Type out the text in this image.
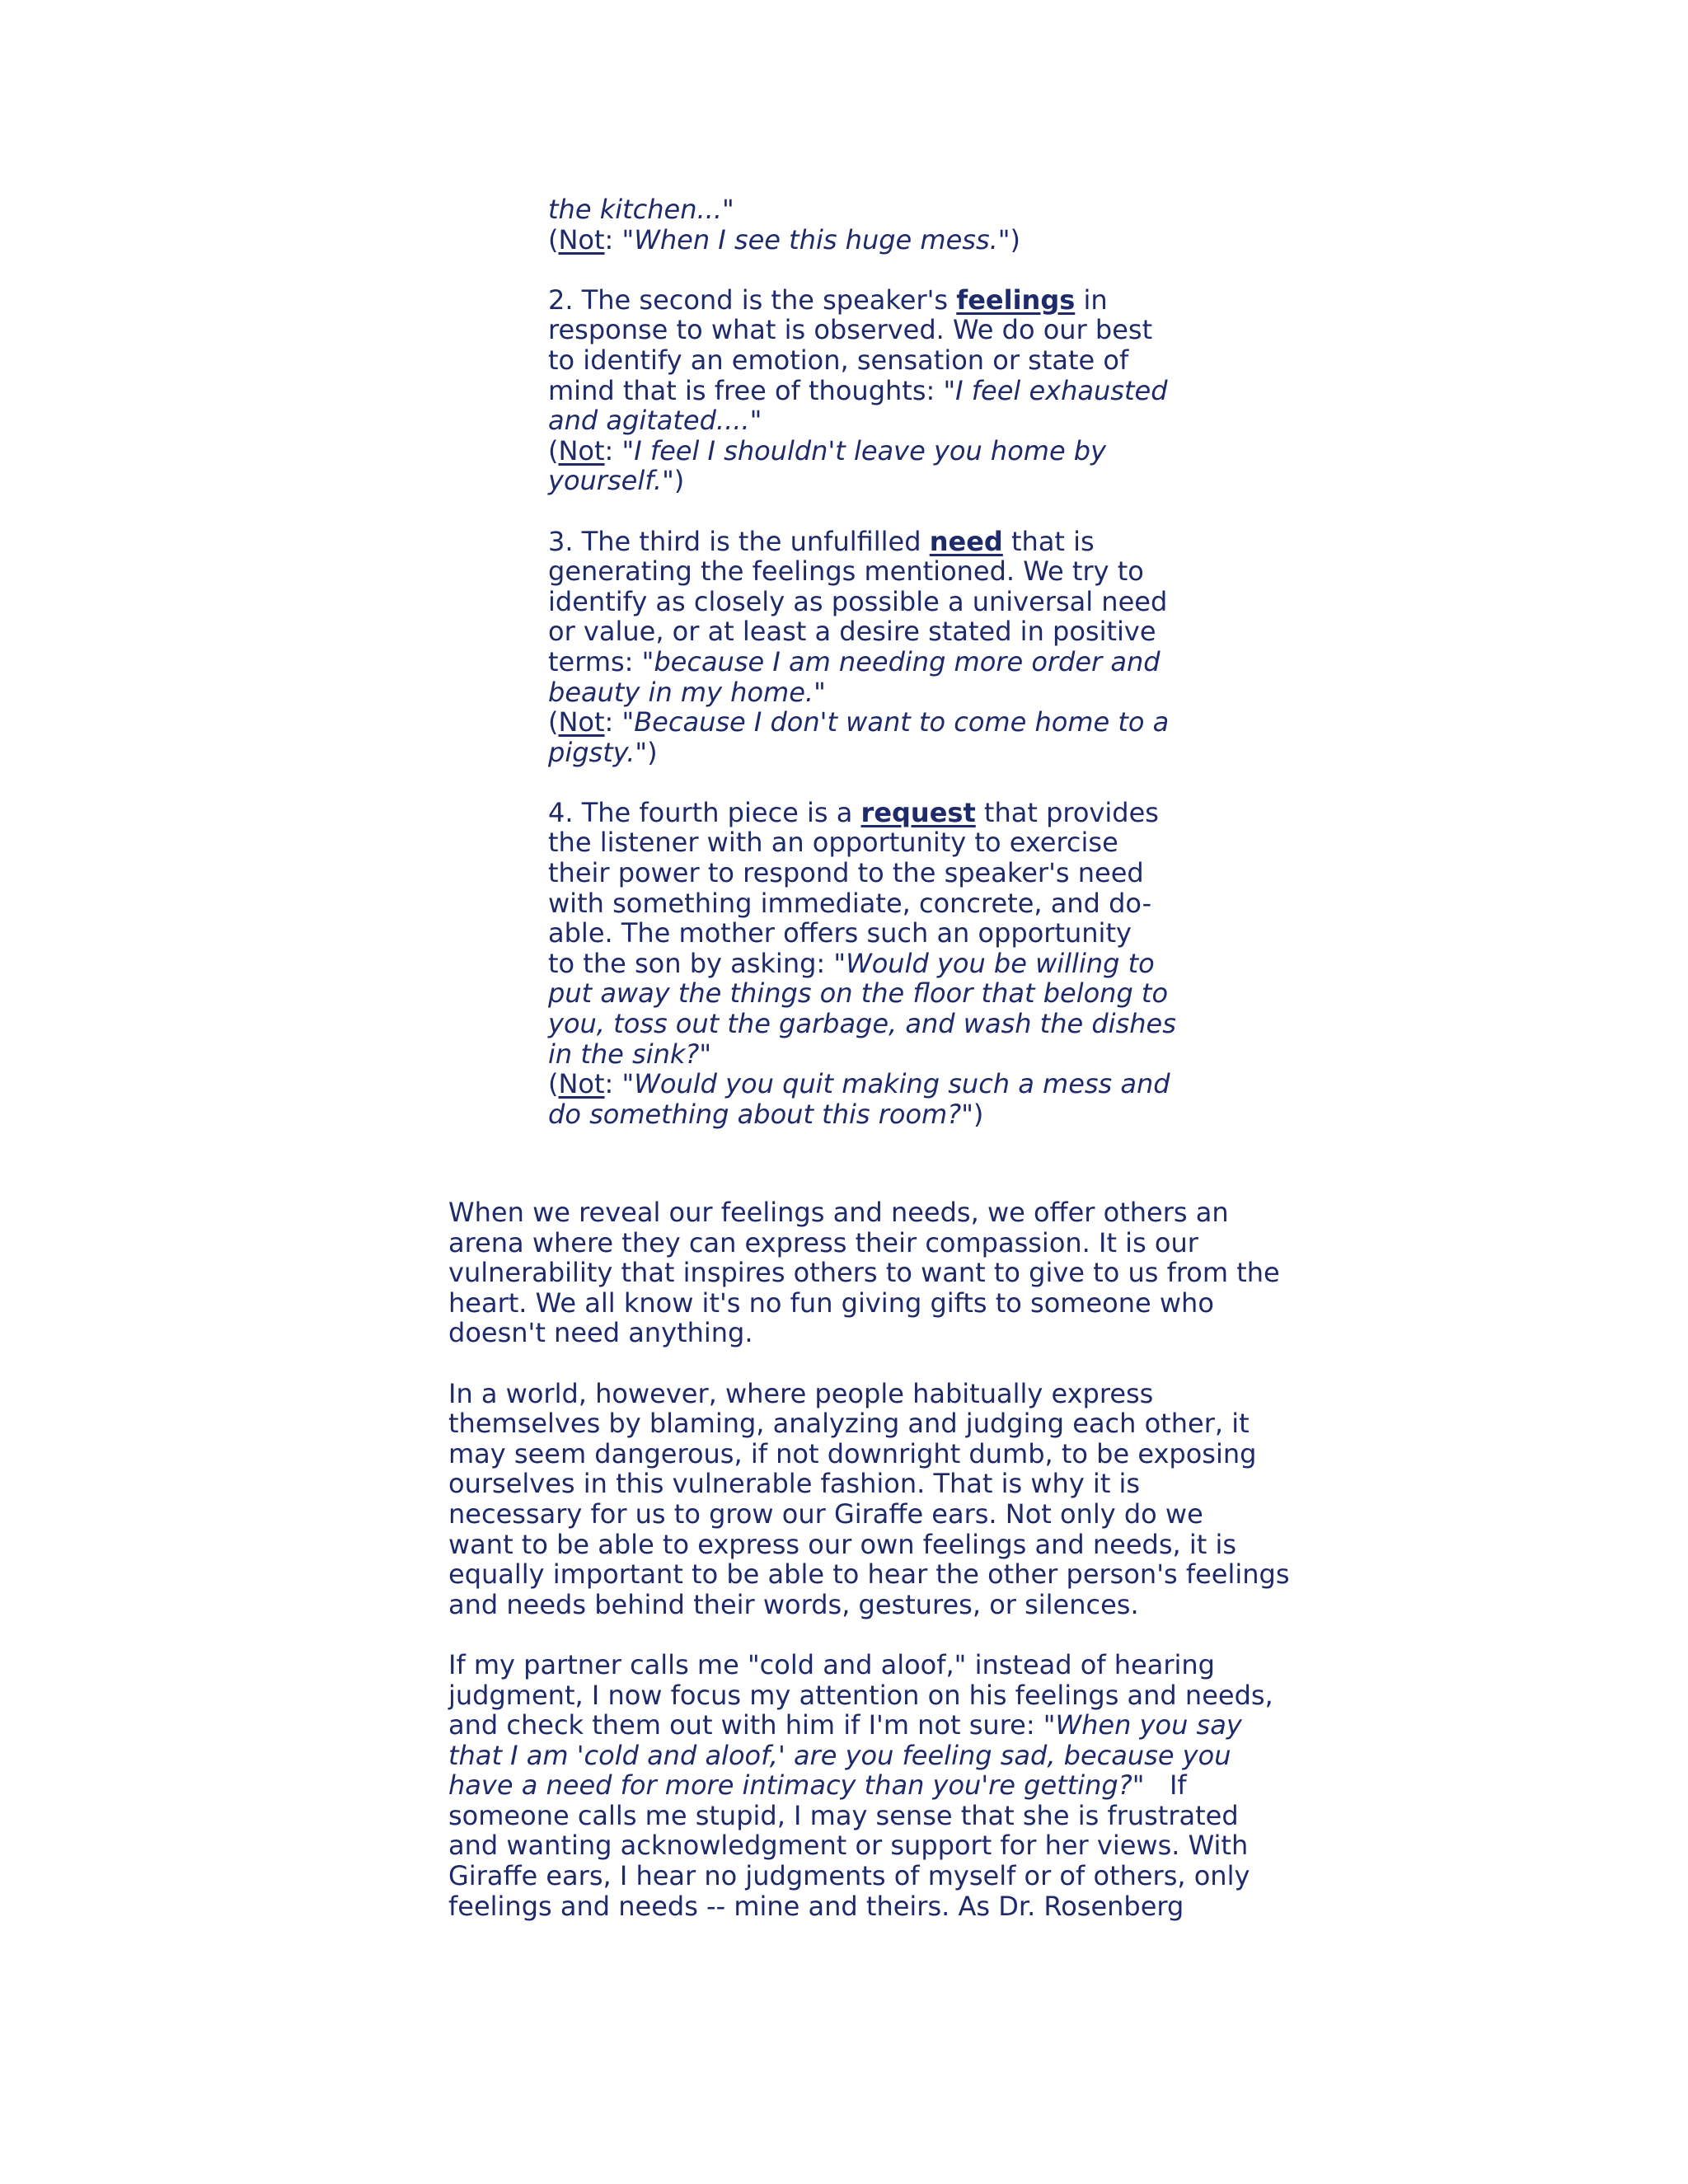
the kitchen..."
(Not: "When I see this huge mess.")

2. The second is the speaker's feelings in
response to what is observed. We do our best
to identify an emotion, sensation or state of
mind that is free of thoughts: "I feel exhausted
and agitated...."
(Not: "I feel I shouldn't leave you home by
yourself.")

3. The third is the unfulfilled need that is
generating the feelings mentioned. We try to
identify as closely as possible a universal need
or value, or at least a desire stated in positive
terms: "because I am needing more order and
beauty in my home."
(Not: "Because I don't want to come home to a
pigsty.")

4. The fourth piece is a request that provides
the listener with an opportunity to exercise
their power to respond to the speaker's need
with something immediate, concrete, and do-
able. The mother offers such an opportunity
to the son by asking: "Would you be willing to
put away the things on the floor that belong to
you, toss out the garbage, and wash the dishes
in the sink?"
(Not: "Would you quit making such a mess and
do something about this room?")

When we reveal our feelings and needs, we offer others an
arena where they can express their compassion. It is our
vulnerability that inspires others to want to give to us from the
heart. We all know it's no fun giving gifts to someone who
doesn't need anything.

In a world, however, where people habitually express
themselves by blaming, analyzing and judging each other, it
may seem dangerous, if not downright dumb, to be exposing
ourselves in this vulnerable fashion. That is why it is
necessary for us to grow our Giraffe ears. Not only do we
want to be able to express our own feelings and needs, it is
equally important to be able to hear the other person's feelings
and needs behind their words, gestures, or silences.

If my partner calls me "cold and aloof," instead of hearing
judgment, I now focus my attention on his feelings and needs,
and check them out with him if I'm not sure: "When you say
that I am 'cold and aloof,' are you feeling sad, because you
have a need for more intimacy than you're getting?"   If
someone calls me stupid, I may sense that she is frustrated
and wanting acknowledgment or support for her views. With
Giraffe ears, I hear no judgments of myself or of others, only
feelings and needs -- mine and theirs. As Dr. Rosenberg
